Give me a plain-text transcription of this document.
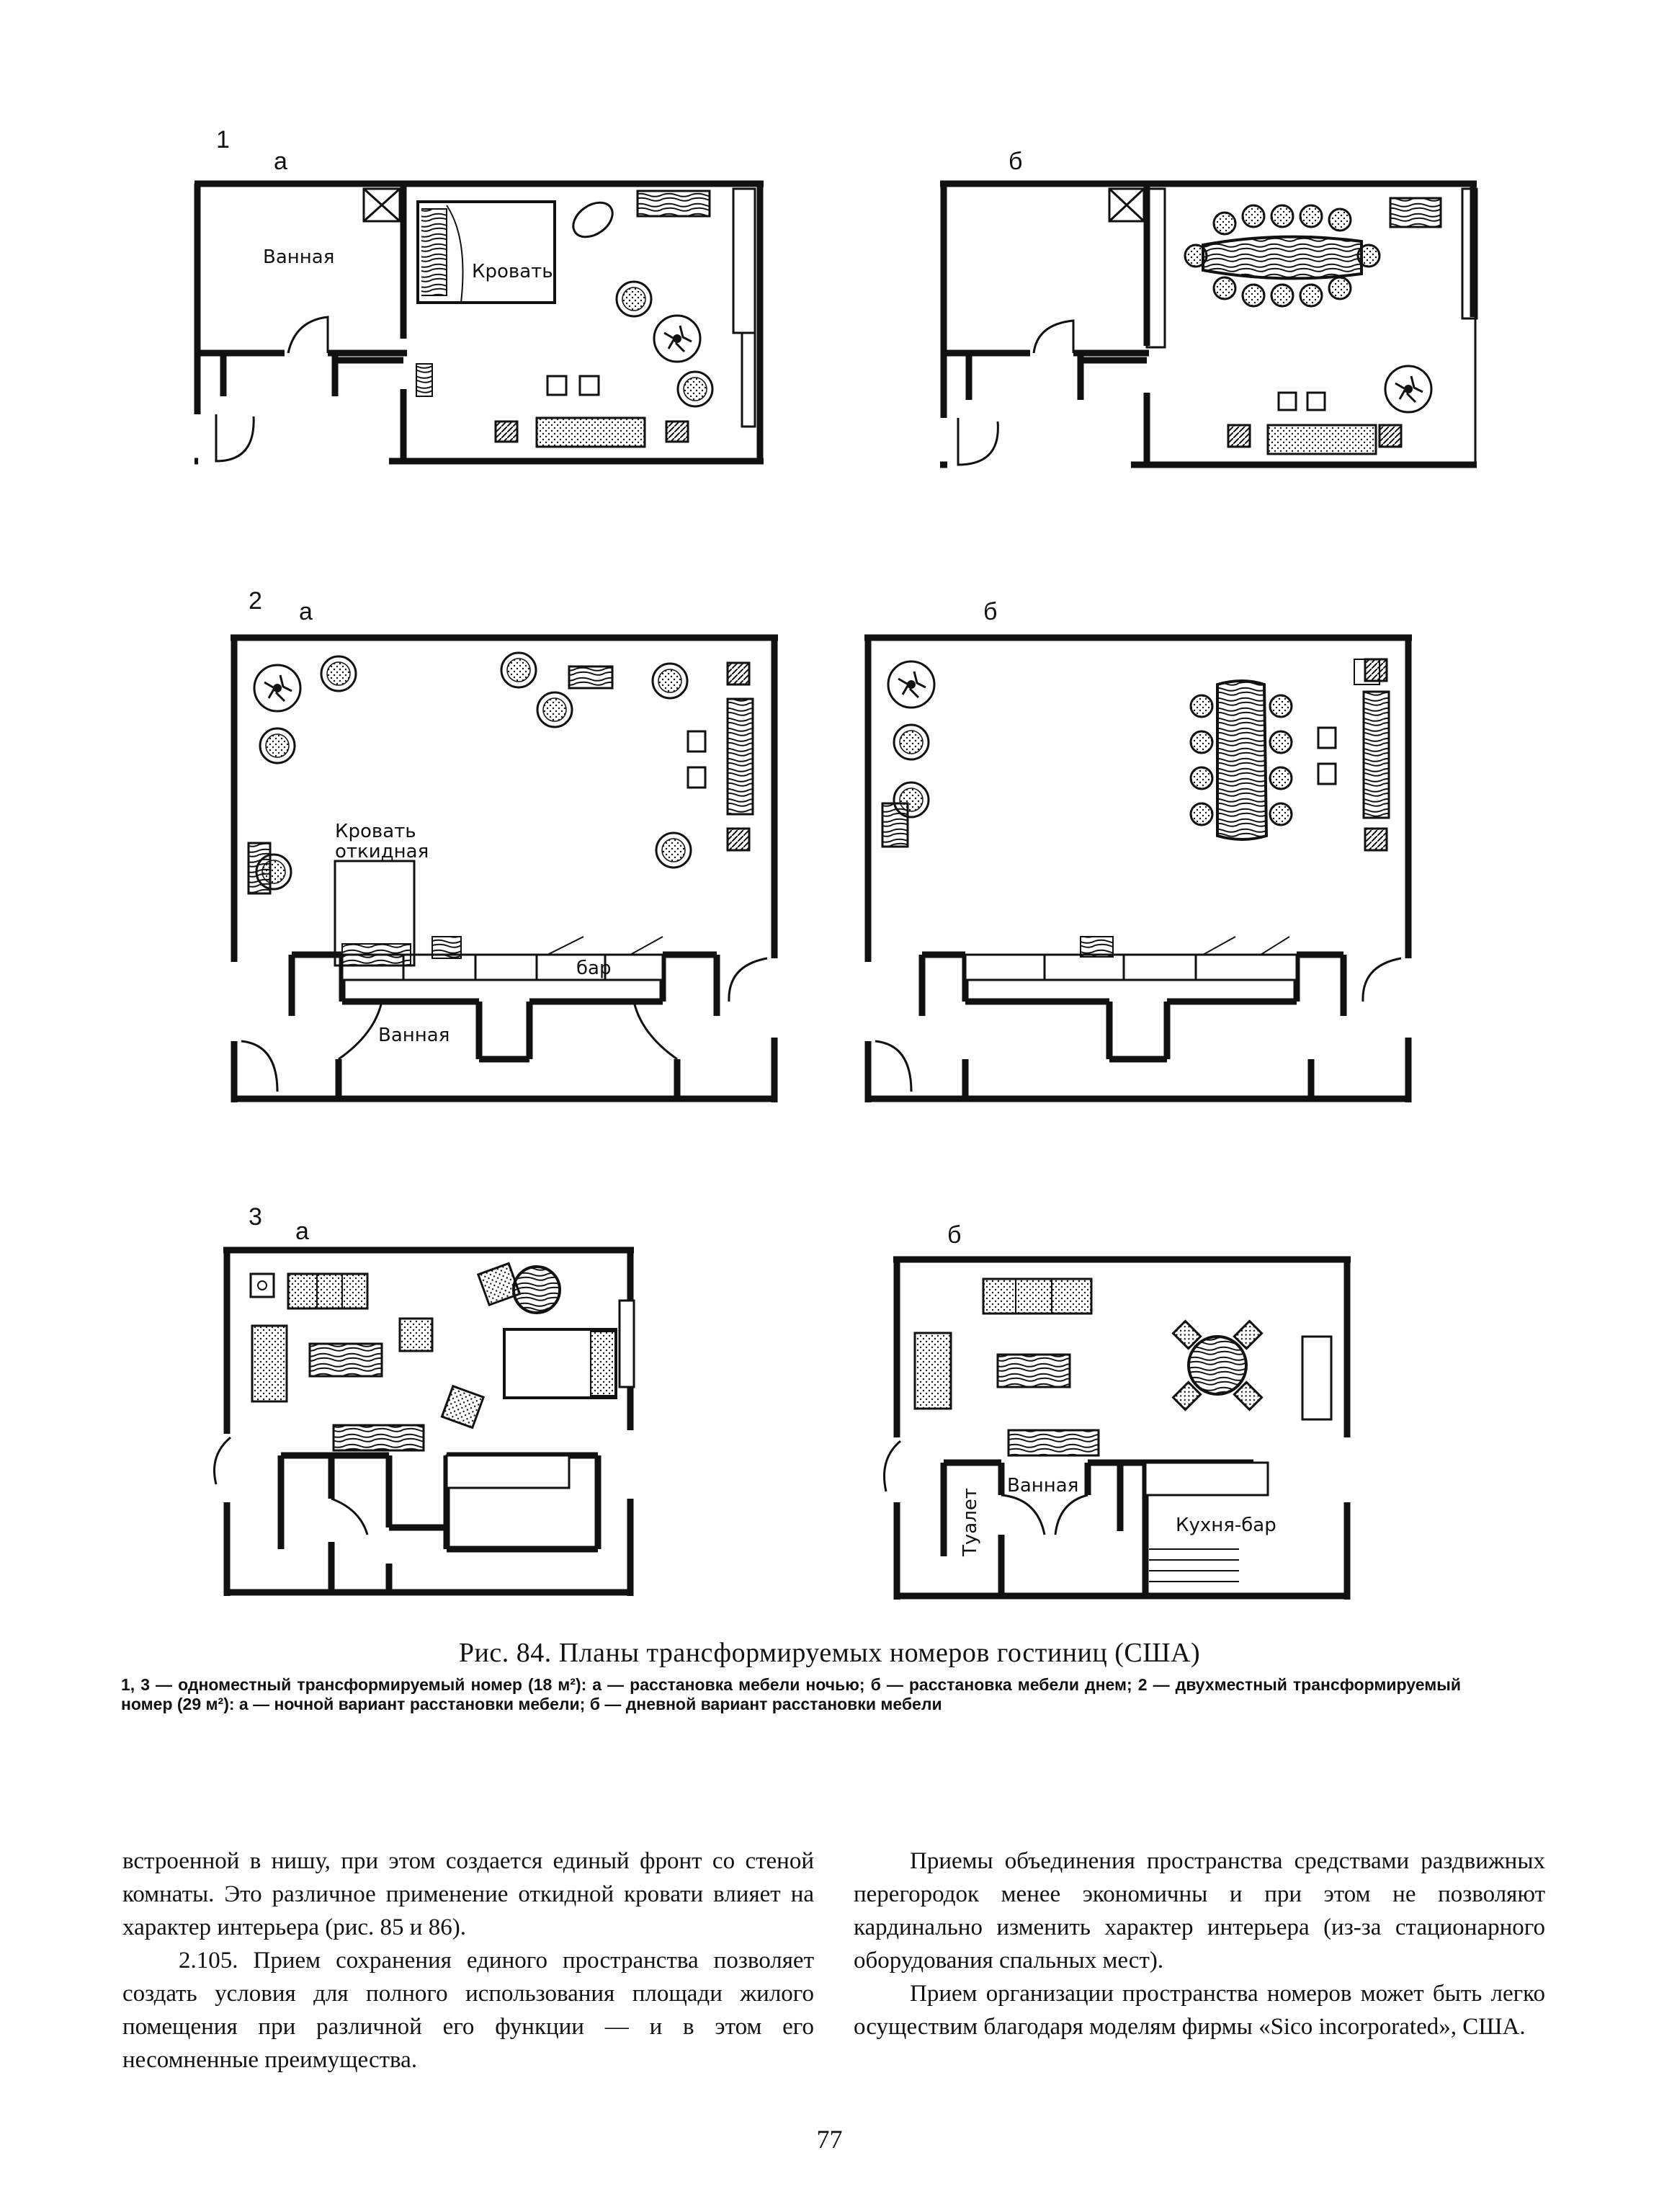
1
а
Ванная
Кровать
б
2 а
Кровать
откидная
бар
Ванная
б
3
а	б
Ванная
Туалет	Кухня-бар
Рис. 84. Планы трансформируемых номеров гостиниц (США)
1, 3 — одноместный трансформируемый номер (18 м²): а — расстановка мебели ночью; б — расстановка мебели днем; 2 — двухместный трансформируемый номер (29 м²): а — ночной вариант расстановки мебели; б — дневной вариант расстановки мебели

встроенной в нишу, при этом создается единый фронт со стеной комнаты. Это различное применение откидной кровати влияет на характер интерьера (рис. 85 и 86).

2.105. Прием сохранения единого пространства позволяет создать условия для полного использования площади жилого помещения при различной его функции — и в этом его несомненные преимущества.

Приемы объединения пространства средствами раздвижных перегородок менее экономичны и при этом не позволяют кардинально изменить характер интерьера (из-за стационарного оборудования спальных мест).

Прием организации пространства номеров может быть легко осуществим благодаря моделям фирмы «Sico incorporated», США.

77
